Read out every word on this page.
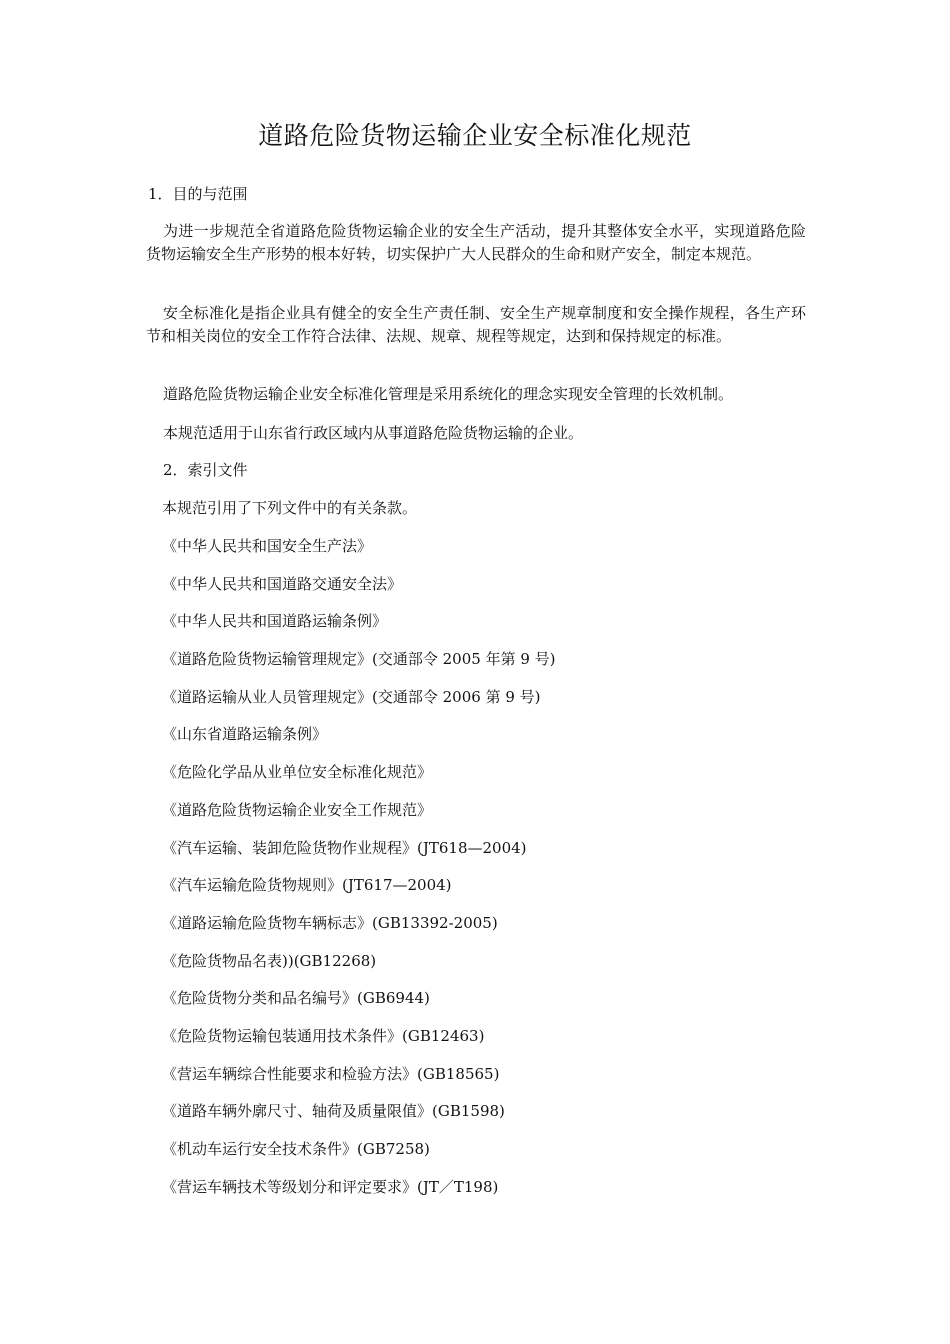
道路危险货物运输企业安全标准化规范

1．目的与范围

为进一步规范全省道路危险货物运输企业的安全生产活动，提升其整体安全水平，实现道路危险货物运输安全生产形势的根本好转，切实保护广大人民群众的生命和财产安全，制定本规范。

安全标准化是指企业具有健全的安全生产责任制、安全生产规章制度和安全操作规程，各生产环节和相关岗位的安全工作符合法律、法规、规章、规程等规定，达到和保持规定的标准。

道路危险货物运输企业安全标准化管理是采用系统化的理念实现安全管理的长效机制。

本规范适用于山东省行政区域内从事道路危险货物运输的企业。

2．索引文件

本规范引用了下列文件中的有关条款。

《中华人民共和国安全生产法》

《中华人民共和国道路交通安全法》

《中华人民共和国道路运输条例》

《道路危险货物运输管理规定》(交通部令 2005 年第 9 号)

《道路运输从业人员管理规定》(交通部令 2006 第 9 号)

《山东省道路运输条例》

《危险化学品从业单位安全标准化规范》

《道路危险货物运输企业安全工作规范》

《汽车运输、装卸危险货物作业规程》(JT618—2004)

《汽车运输危险货物规则》(JT617—2004)

《道路运输危险货物车辆标志》(GB13392-2005)

《危险货物品名表))(GB12268)

《危险货物分类和品名编号》(GB6944)

《危险货物运输包装通用技术条件》(GB12463)

《营运车辆综合性能要求和检验方法》(GB18565)

《道路车辆外廓尺寸、轴荷及质量限值》(GB1598)

《机动车运行安全技术条件》(GB7258)

《营运车辆技术等级划分和评定要求》(JT／T198)
